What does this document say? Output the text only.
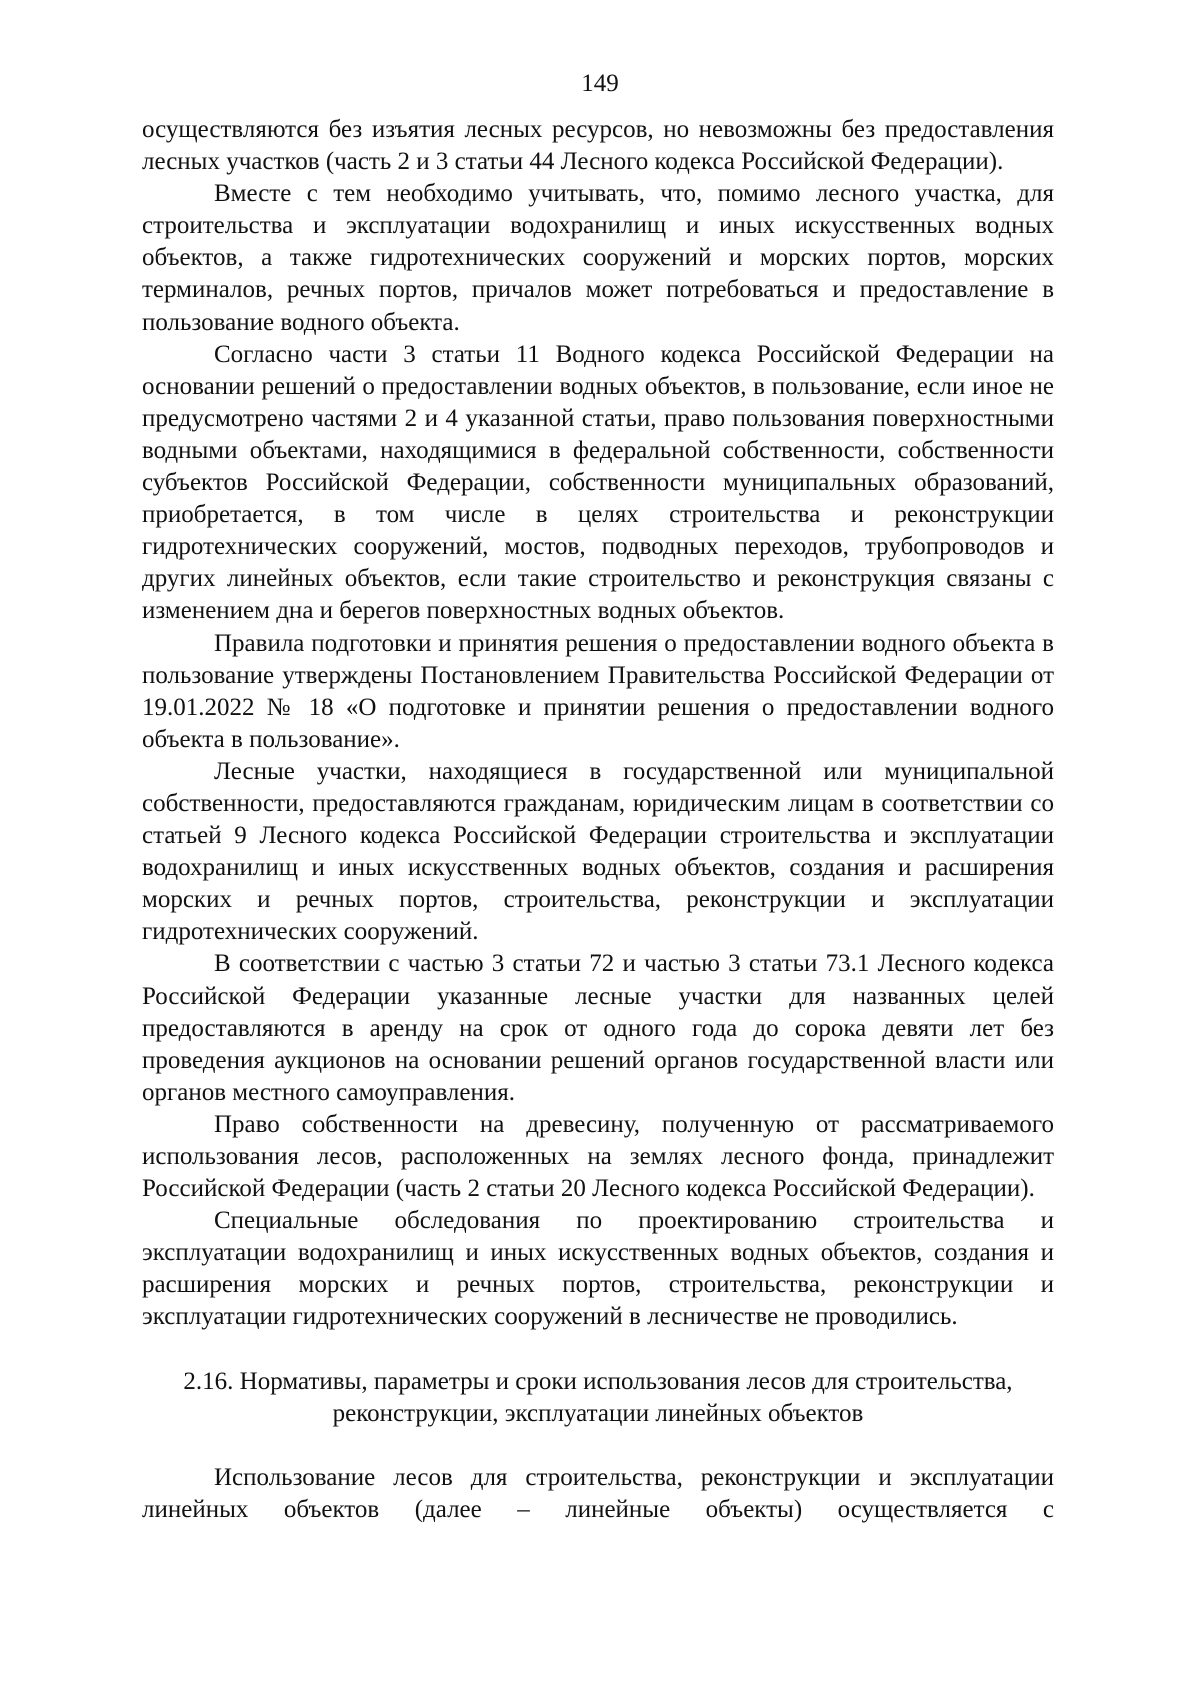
149

осуществляются без изъятия лесных ресурсов, но невозможны без предоставления лесных участков (часть 2 и 3 статьи 44 Лесного кодекса Российской Федерации).

Вместе с тем необходимо учитывать, что, помимо лесного участка, для строительства и эксплуатации водохранилищ и иных искусственных водных объектов, а также гидротехнических сооружений и морских портов, морских терминалов, речных портов, причалов может потребоваться и предоставление в пользование водного объекта.

Согласно части 3 статьи 11 Водного кодекса Российской Федерации на основании решений о предоставлении водных объектов, в пользование, если иное не предусмотрено частями 2 и 4 указанной статьи, право пользования поверхностными водными объектами, находящимися в федеральной собственности, собственности субъектов Российской Федерации, собственности муниципальных образований, приобретается, в том числе в целях строительства и реконструкции гидротехнических сооружений, мостов, подводных переходов, трубопроводов и других линейных объектов, если такие строительство и реконструкция связаны с изменением дна и берегов поверхностных водных объектов.

Правила подготовки и принятия решения о предоставлении водного объекта в пользование утверждены Постановлением Правительства Российской Федерации от 19.01.2022 № 18 «О подготовке и принятии решения о предоставлении водного объекта в пользование».

Лесные участки, находящиеся в государственной или муниципальной собственности, предоставляются гражданам, юридическим лицам в соответствии со статьей 9 Лесного кодекса Российской Федерации строительства и эксплуатации водохранилищ и иных искусственных водных объектов, создания и расширения морских и речных портов, строительства, реконструкции и эксплуатации гидротехнических сооружений.

В соответствии с частью 3 статьи 72 и частью 3 статьи 73.1 Лесного кодекса Российской Федерации указанные лесные участки для названных целей предоставляются в аренду на срок от одного года до сорока девяти лет без проведения аукционов на основании решений органов государственной власти или органов местного самоуправления.

Право собственности на древесину, полученную от рассматриваемого использования лесов, расположенных на землях лесного фонда, принадлежит Российской Федерации (часть 2 статьи 20 Лесного кодекса Российской Федерации).

Специальные обследования по проектированию строительства и эксплуатации водохранилищ и иных искусственных водных объектов, создания и расширения морских и речных портов, строительства, реконструкции и эксплуатации гидротехнических сооружений в лесничестве не проводились.

2.16. Нормативы, параметры и сроки использования лесов для строительства,
реконструкции, эксплуатации линейных объектов

Использование лесов для строительства, реконструкции и эксплуатации линейных объектов (далее – линейные объекты) осуществляется с
